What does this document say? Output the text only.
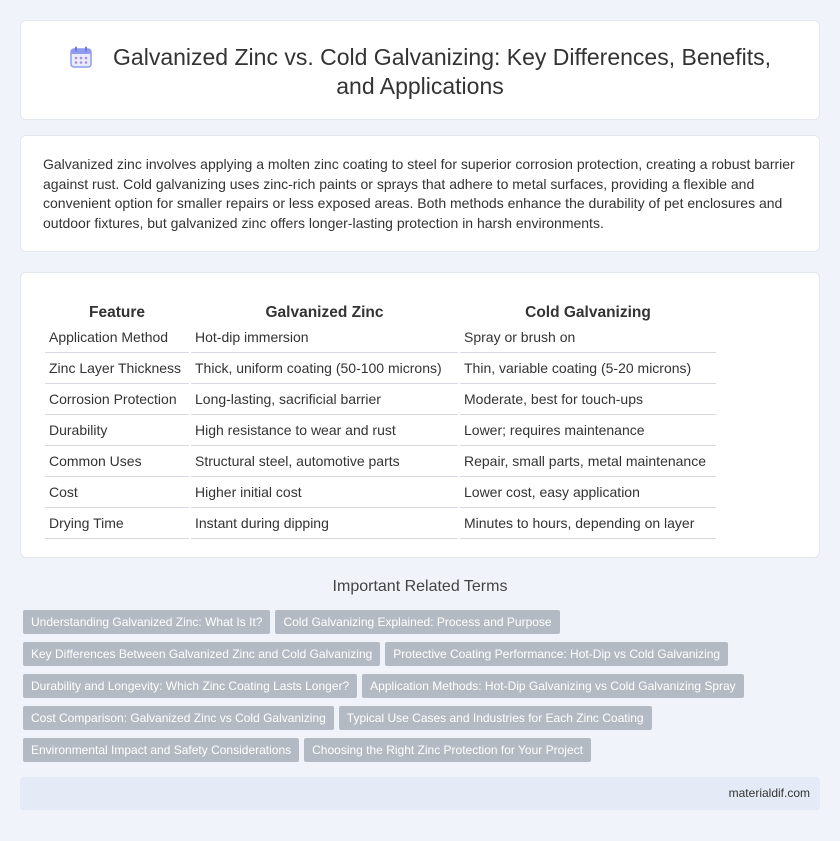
Galvanized Zinc vs. Cold Galvanizing: Key Differences, Benefits, and Applications

Galvanized zinc involves applying a molten zinc coating to steel for superior corrosion protection, creating a robust barrier against rust. Cold galvanizing uses zinc-rich paints or sprays that adhere to metal surfaces, providing a flexible and convenient option for smaller repairs or less exposed areas. Both methods enhance the durability of pet enclosures and outdoor fixtures, but galvanized zinc offers longer-lasting protection in harsh environments.

Feature	Galvanized Zinc	Cold Galvanizing
Application Method	Hot-dip immersion	Spray or brush on
Zinc Layer Thickness	Thick, uniform coating (50-100 microns)	Thin, variable coating (5-20 microns)
Corrosion Protection	Long-lasting, sacrificial barrier	Moderate, best for touch-ups
Durability	High resistance to wear and rust	Lower; requires maintenance
Common Uses	Structural steel, automotive parts	Repair, small parts, metal maintenance
Cost	Higher initial cost	Lower cost, easy application
Drying Time	Instant during dipping	Minutes to hours, depending on layer
Important Related Terms
Understanding Galvanized Zinc: What Is It? Cold Galvanizing Explained: Process and Purpose
Key Differences Between Galvanized Zinc and Cold Galvanizing Protective Coating Performance: Hot-Dip vs Cold Galvanizing
Durability and Longevity: Which Zinc Coating Lasts Longer? Application Methods: Hot-Dip Galvanizing vs Cold Galvanizing Spray
Cost Comparison: Galvanized Zinc vs Cold Galvanizing Typical Use Cases and Industries for Each Zinc Coating
Environmental Impact and Safety Considerations Choosing the Right Zinc Protection for Your Project
materialdif.com
